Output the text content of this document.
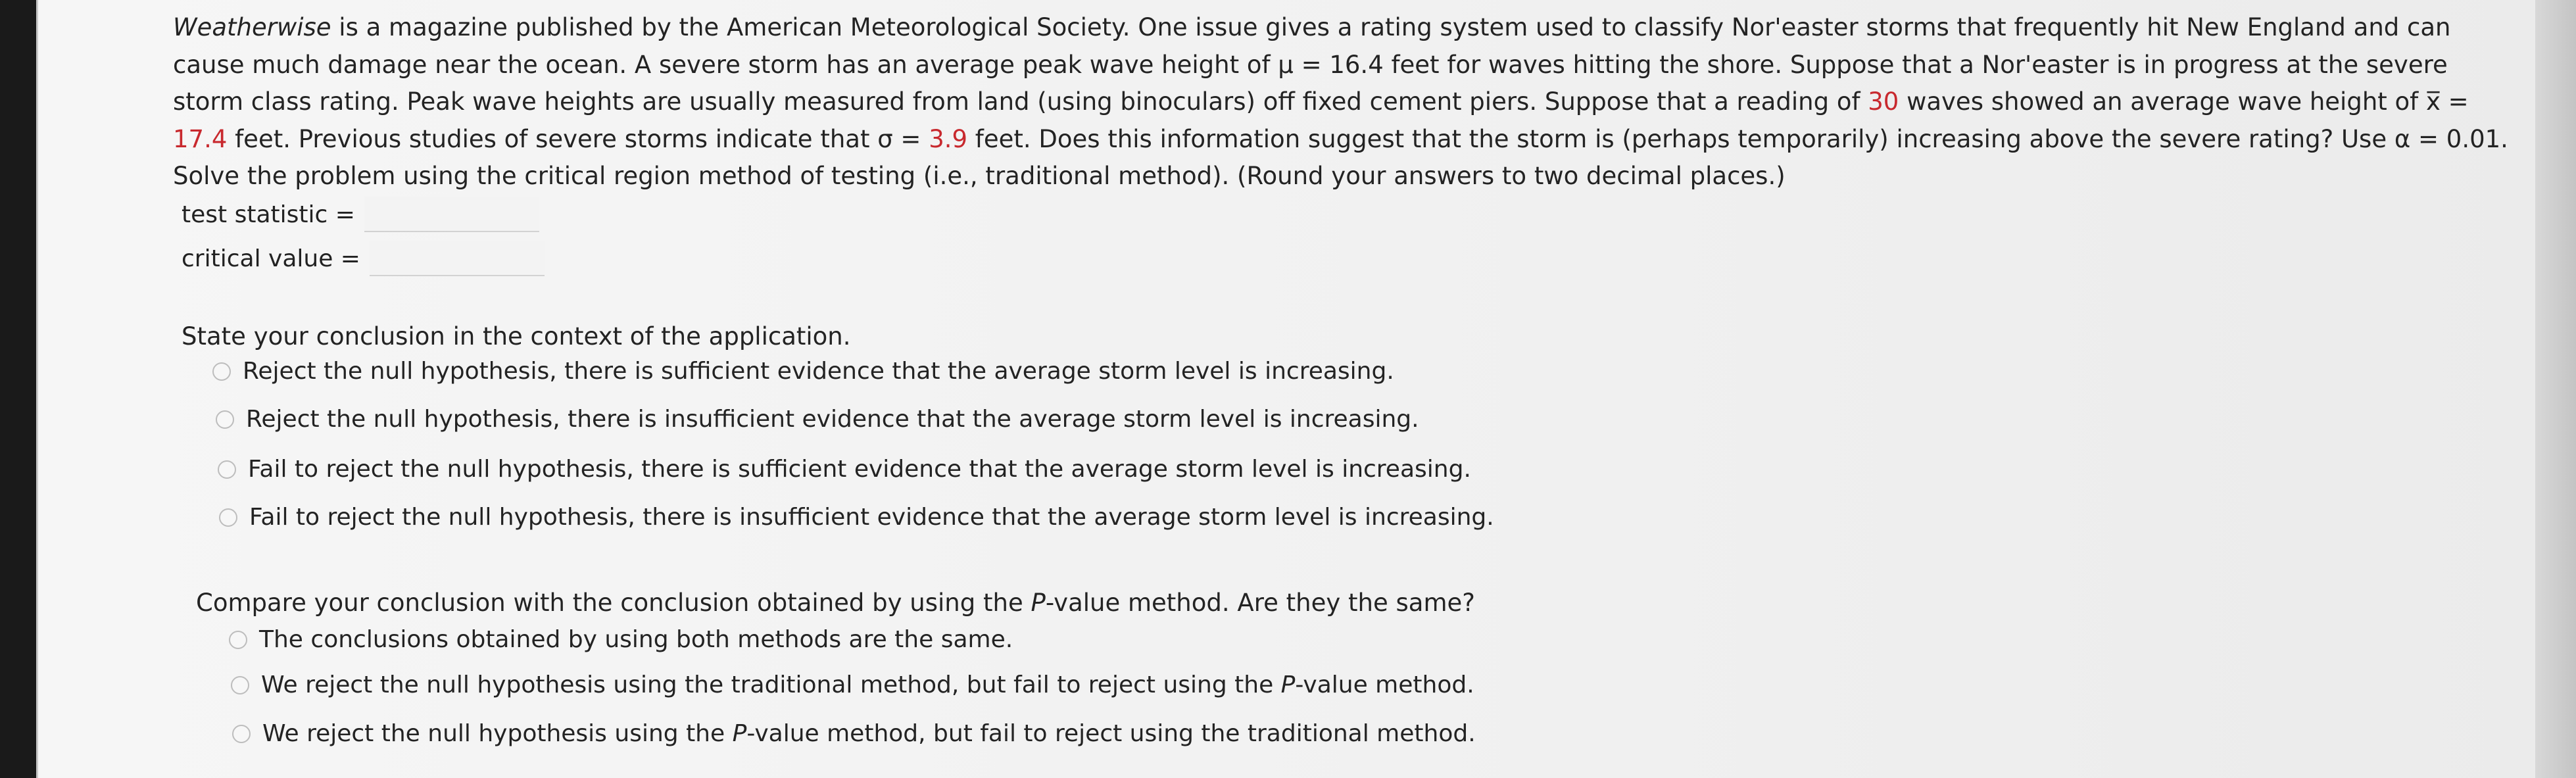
Weatherwise is a magazine published by the American Meteorological Society. One issue gives a rating system used to classify Nor'easter storms that frequently hit New England and can cause much damage near the ocean. A severe storm has an average peak wave height of μ = 16.4 feet for waves hitting the shore. Suppose that a Nor'easter is in progress at the severe storm class rating. Peak wave heights are usually measured from land (using binoculars) off fixed cement piers. Suppose that a reading of 30 waves showed an average wave height of x̅ = 17.4 feet. Previous studies of severe storms indicate that σ = 3.9 feet. Does this information suggest that the storm is (perhaps temporarily) increasing above the severe rating? Use α = 0.01. Solve the problem using the critical region method of testing (i.e., traditional method). (Round your answers to two decimal places.)

test statistic =
critical value =

State your conclusion in the context of the application.

Reject the null hypothesis, there is sufficient evidence that the average storm level is increasing.
Reject the null hypothesis, there is insufficient evidence that the average storm level is increasing.
Fail to reject the null hypothesis, there is sufficient evidence that the average storm level is increasing.
Fail to reject the null hypothesis, there is insufficient evidence that the average storm level is increasing.

Compare your conclusion with the conclusion obtained by using the P-value method. Are they the same?

The conclusions obtained by using both methods are the same.
We reject the null hypothesis using the traditional method, but fail to reject using the P-value method.
We reject the null hypothesis using the P-value method, but fail to reject using the traditional method.
